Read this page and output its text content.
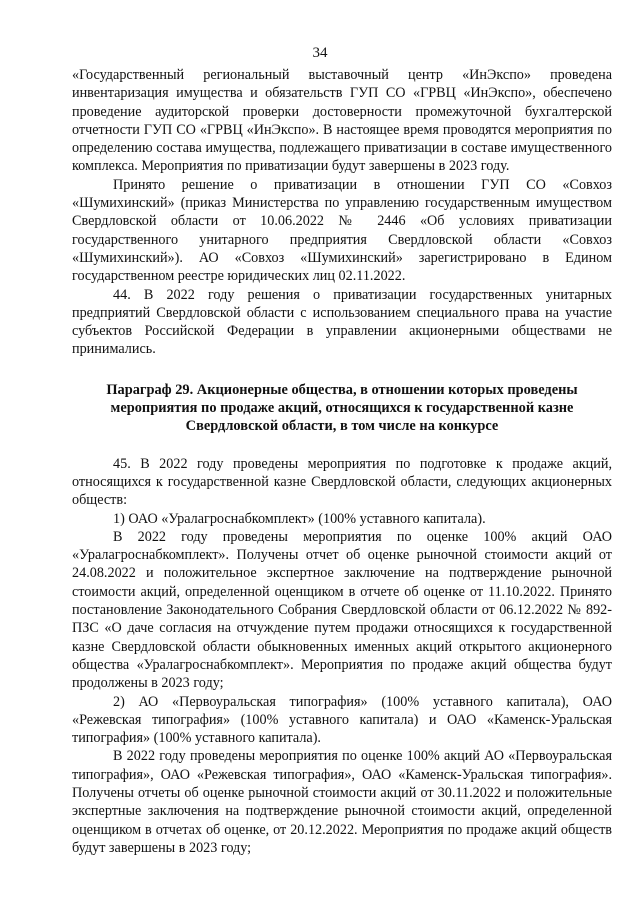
34

«Государственный региональный выставочный центр «ИнЭкспо» проведена инвентаризация имущества и обязательств ГУП СО «ГРВЦ «ИнЭкспо», обеспечено проведение аудиторской проверки достоверности промежуточной бухгалтерской отчетности ГУП СО «ГРВЦ «ИнЭкспо». В настоящее время проводятся мероприятия по определению состава имущества, подлежащего приватизации в составе имущественного комплекса. Мероприятия по приватизации будут завершены в 2023 году.

Принято решение о приватизации в отношении ГУП СО «Совхоз «Шумихинский» (приказ Министерства по управлению государственным имуществом Свердловской области от 10.06.2022 № 2446 «Об условиях приватизации государственного унитарного предприятия Свердловской области «Совхоз «Шумихинский»). АО «Совхоз «Шумихинский» зарегистрировано в Едином государственном реестре юридических лиц 02.11.2022.

44. В 2022 году решения о приватизации государственных унитарных предприятий Свердловской области с использованием специального права на участие субъектов Российской Федерации в управлении акционерными обществами не принимались.

Параграф 29. Акционерные общества, в отношении которых проведены мероприятия по продаже акций, относящихся к государственной казне Свердловской области, в том числе на конкурсе

45. В 2022 году проведены мероприятия по подготовке к продаже акций, относящихся к государственной казне Свердловской области, следующих акционерных обществ:

1) ОАО «Уралагроснабкомплект» (100% уставного капитала).

В 2022 году проведены мероприятия по оценке 100% акций ОАО «Уралагроснабкомплект». Получены отчет об оценке рыночной стоимости акций от 24.08.2022 и положительное экспертное заключение на подтверждение рыночной стоимости акций, определенной оценщиком в отчете об оценке от 11.10.2022. Принято постановление Законодательного Собрания Свердловской области от 06.12.2022 № 892-ПЗС «О даче согласия на отчуждение путем продажи относящихся к государственной казне Свердловской области обыкновенных именных акций открытого акционерного общества «Уралагроснабкомплект». Мероприятия по продаже акций общества будут продолжены в 2023 году;

2) АО «Первоуральская типография» (100% уставного капитала), ОАО «Режевская типография» (100% уставного капитала) и ОАО «Каменск-Уральская типография» (100% уставного капитала).

В 2022 году проведены мероприятия по оценке 100% акций АО «Первоуральская типография», ОАО «Режевская типография», ОАО «Каменск-Уральская типография». Получены отчеты об оценке рыночной стоимости акций от 30.11.2022 и положительные экспертные заключения на подтверждение рыночной стоимости акций, определенной оценщиком в отчетах об оценке, от 20.12.2022. Мероприятия по продаже акций обществ будут завершены в 2023 году;
